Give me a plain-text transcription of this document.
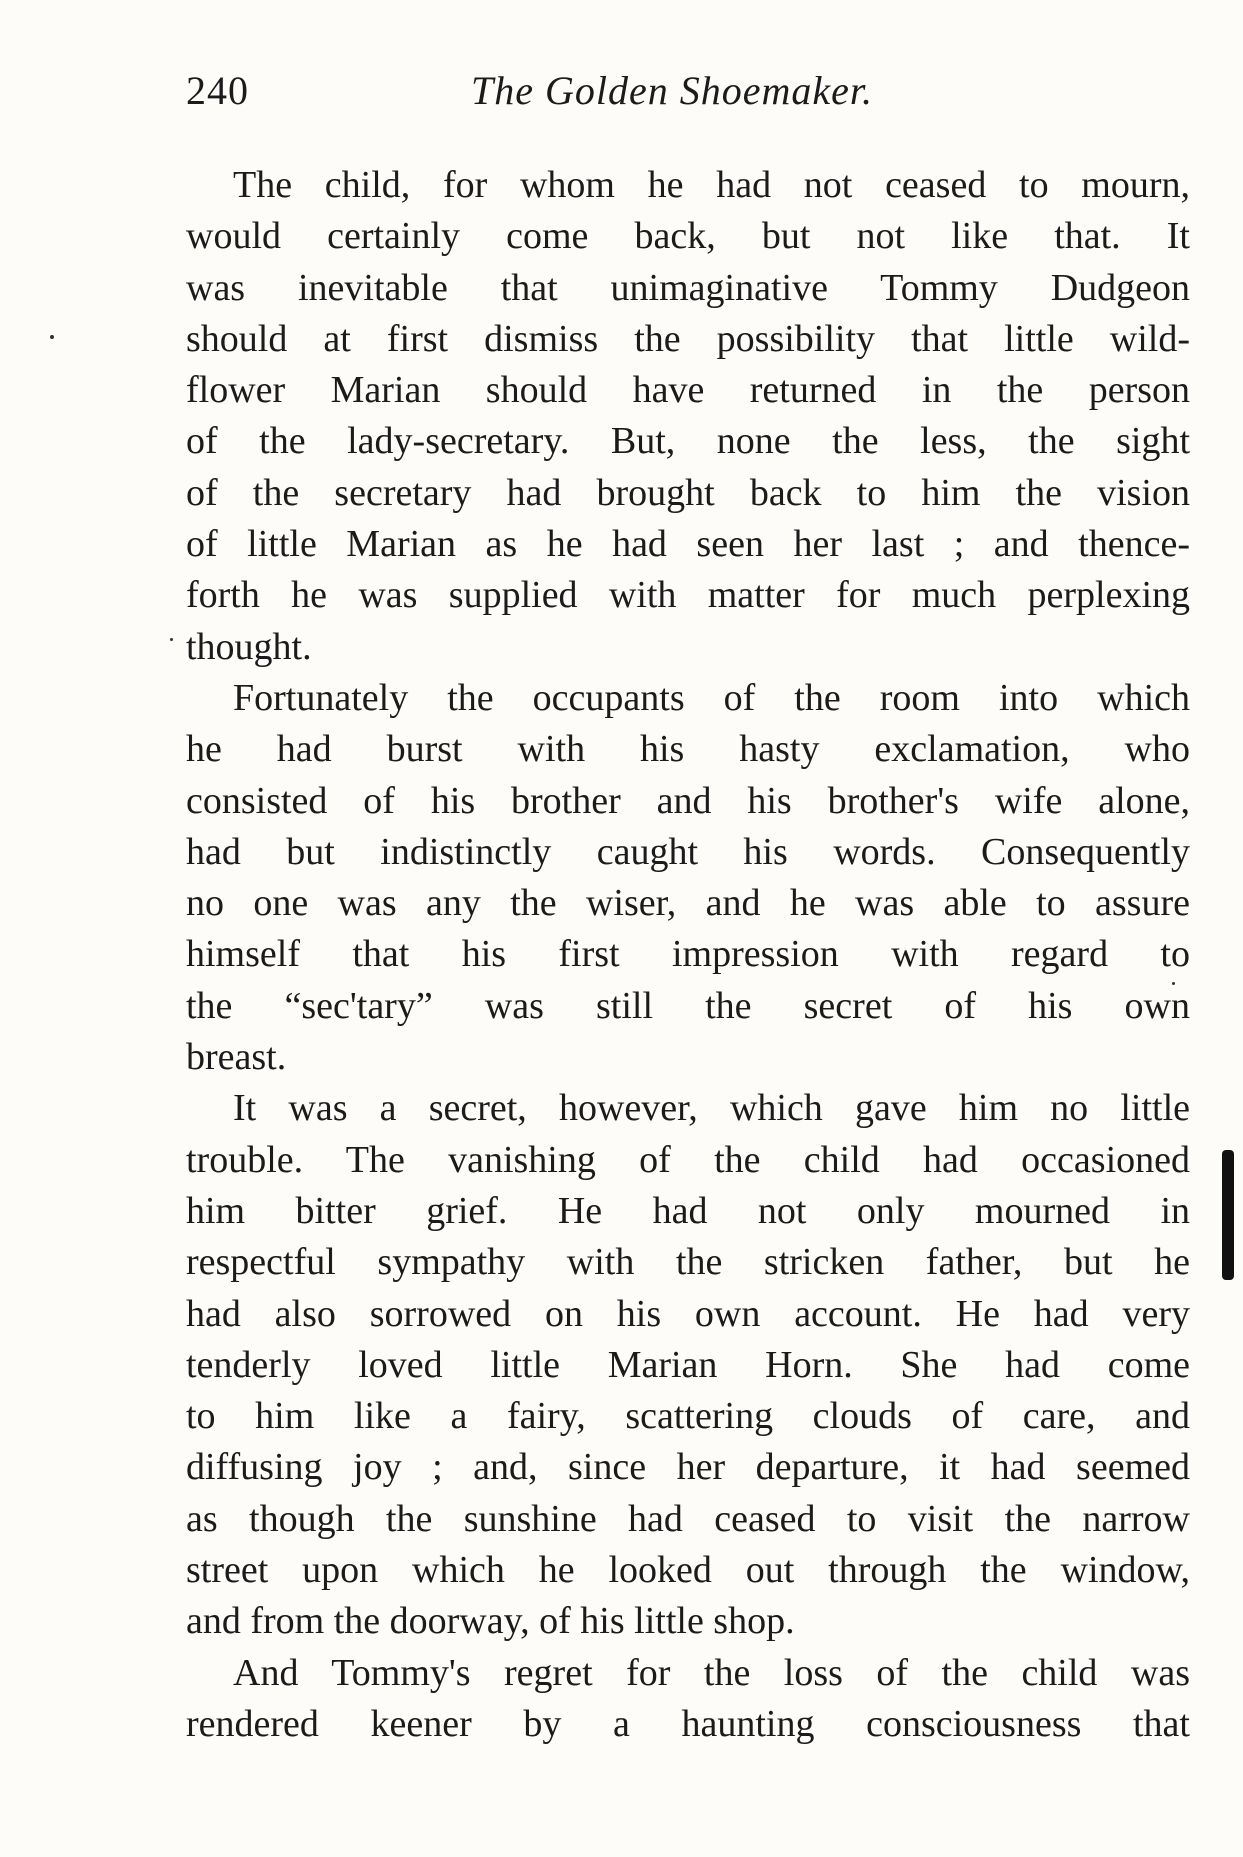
240	The Golden Shoemaker.
The child, for whom he had not ceased to mourn,
would certainly come back, but not like that. It
was inevitable that unimaginative Tommy Dudgeon
should at first dismiss the possibility that little wild-
flower Marian should have returned in the person
of the lady-secretary. But, none the less, the sight
of the secretary had brought back to him the vision
of little Marian as he had seen her last ; and thence-
forth he was supplied with matter for much perplexing
thought.
Fortunately the occupants of the room into which
he had burst with his hasty exclamation, who
consisted of his brother and his brother's wife alone,
had but indistinctly caught his words. Consequently
no one was any the wiser, and he was able to assure
himself that his first impression with regard to
the “sec'tary” was still the secret of his own
breast.
It was a secret, however, which gave him no little
trouble. The vanishing of the child had occasioned
him bitter grief. He had not only mourned in
respectful sympathy with the stricken father, but he
had also sorrowed on his own account. He had very
tenderly loved little Marian Horn. She had come
to him like a fairy, scattering clouds of care, and
diffusing joy ; and, since her departure, it had seemed
as though the sunshine had ceased to visit the narrow
street upon which he looked out through the window,
and from the doorway, of his little shop.
And Tommy's regret for the loss of the child was
rendered keener by a haunting consciousness that
